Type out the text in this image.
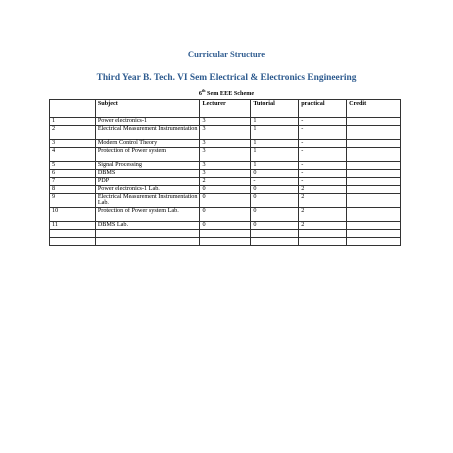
Curricular Structure
Third Year B. Tech. VI Sem Electrical & Electronics Engineering
6th Sem EEE Scheme
	Subject	Lecturer	Tutorial	practical	Credit
1	Power electronics-1	3	1	-	
2	Electrical Measurement Instrumentation	3	1	-	
3	Modern Control Theory	3	1	-	
4	Protection of Power system	3	1	-	
5	Signal Processing	3	1	-	
6	DBMS	3	0	-	
7	PDP	2	-	-	
8	Power electronics-1 Lab.	0	0	2	
9	Electrical Measurement Instrumentation Lab.	0	0	2	
10	Protection of Power system Lab.	0	0	2	
11	DBMS Lab.	0	0	2	
